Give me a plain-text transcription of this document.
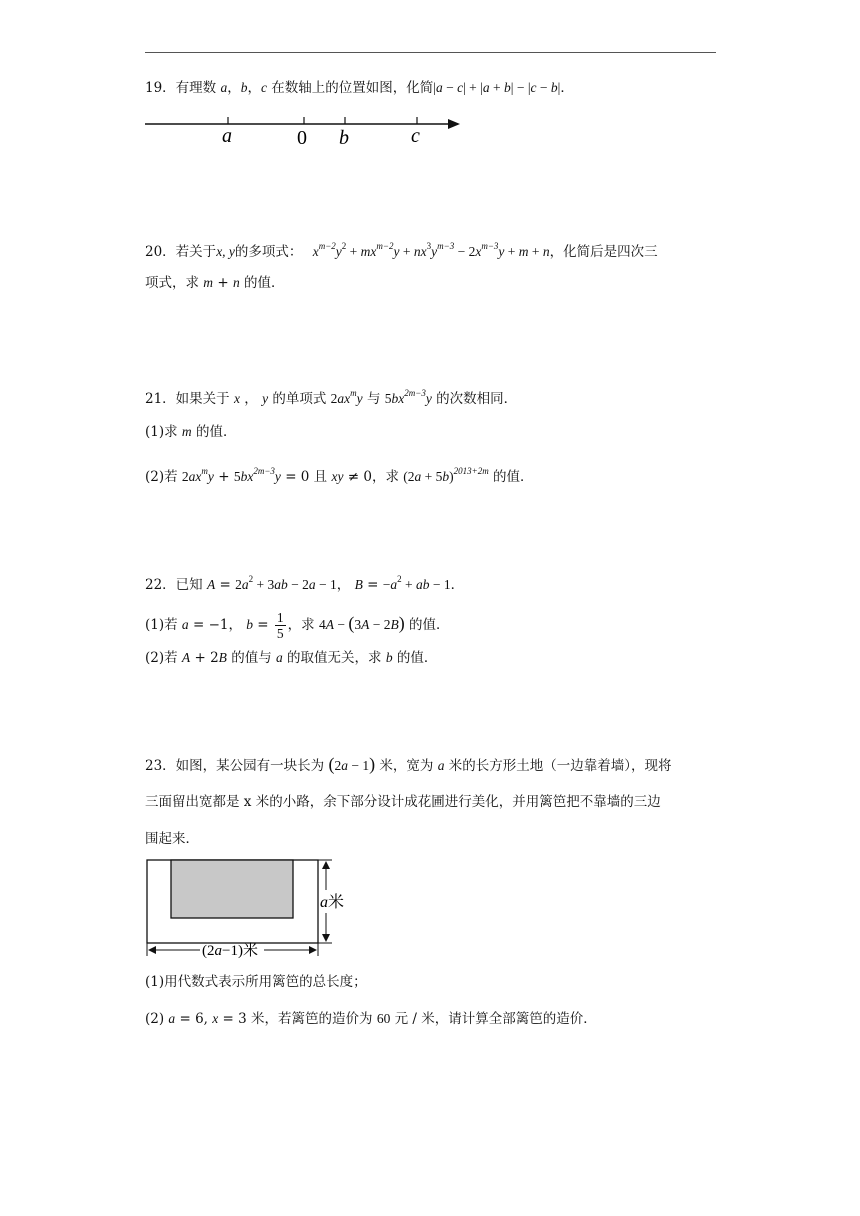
19．有理数 a，b，c 在数轴上的位置如图，化简|a − c| + |a + b| − |c − b|．
a	0 b	c
20．若关于x, y的多项式： $x^{m-2}y^2 + mx^{m-2}y + nx^3y^{m-3} - 2x^{m-3}y + m + n$，化简后是四次三
项式，求 m + n 的值．
21．如果关于 x ， y 的单项式 $2ax^my$ 与 $5bx^{2m-3}y$ 的次数相同．
(1)求 m 的值．
(2)若 $2ax^my + 5bx^{2m-3}y = 0$ 且 xy ≠ 0，求 $(2a + 5b)^{2013+2m}$ 的值．
22．已知 $A = 2a^2 + 3ab - 2a - 1$， $B = -a^2$ + ab − 1．
(1)若 a = −1， $b = \frac{1}{5}$ ，求 4A − (3A − 2B) 的值．
(2)若 A + 2B 的值与 a 的取值无关，求 b 的值．
23．如图，某公园有一块长为 (2a − 1) 米，宽为 a 米的长方形土地（一边靠着墙），现将
三面留出宽都是 x 米的小路，余下部分设计成花圃进行美化，并用篱笆把不靠墙的三边
围起来．
a米
(2a−1)米
(1)用代数式表示所用篱笆的总长度；
(2) a = 6, x = 3 米，若篱笆的造价为 60 元 / 米，请计算全部篱笆的造价．
